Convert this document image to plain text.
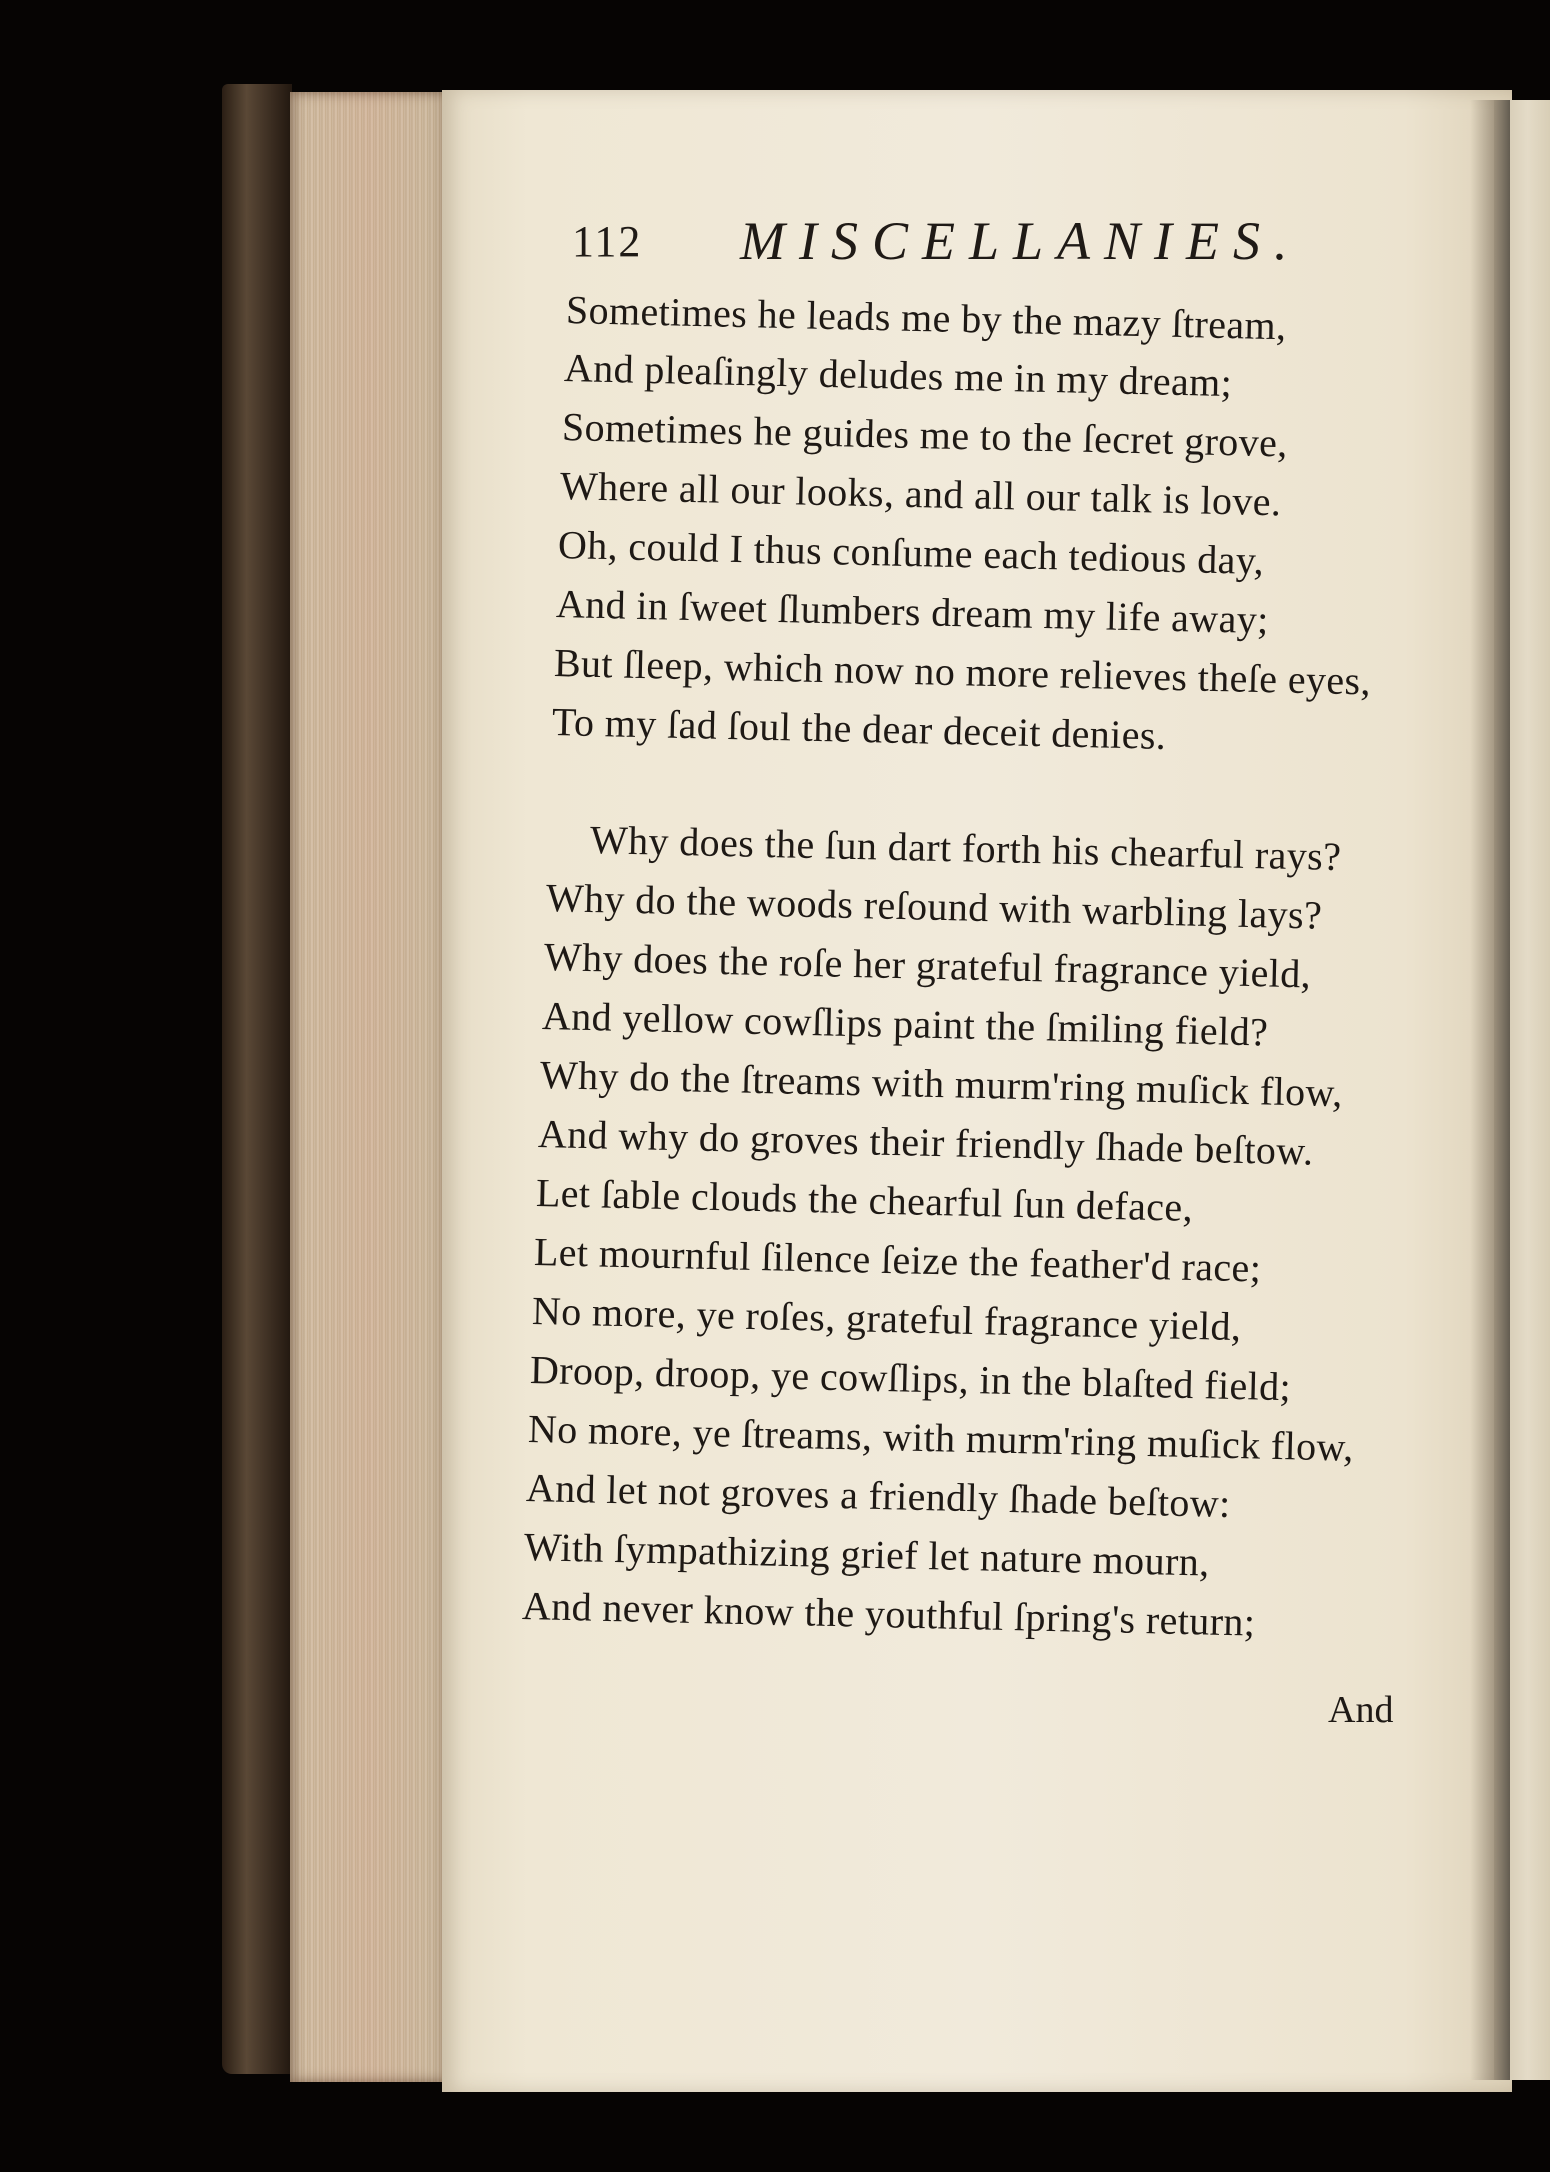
112 MISCELLANIES.
Sometimes he leads me by the mazy ſtream,
And pleaſingly deludes me in my dream;
Sometimes he guides me to the ſecret grove,
Where all our looks, and all our talk is love.
Oh, could I thus conſume each tedious day,
And in ſweet ſlumbers dream my life away;
But ſleep, which now no more relieves theſe eyes,
To my ſad ſoul the dear deceit denies.
Why does the ſun dart forth his chearful rays?
Why do the woods reſound with warbling lays?
Why does the roſe her grateful fragrance yield,
And yellow cowſlips paint the ſmiling field?
Why do the ſtreams with murm'ring muſick flow,
And why do groves their friendly ſhade beſtow.
Let ſable clouds the chearful ſun deface,
Let mournful ſilence ſeize the feather'd race;
No more, ye roſes, grateful fragrance yield,
Droop, droop, ye cowſlips, in the blaſted field;
No more, ye ſtreams, with murm'ring muſick flow,
And let not groves a friendly ſhade beſtow:
With ſympathizing grief let nature mourn,
And never know the youthful ſpring's return;
And
